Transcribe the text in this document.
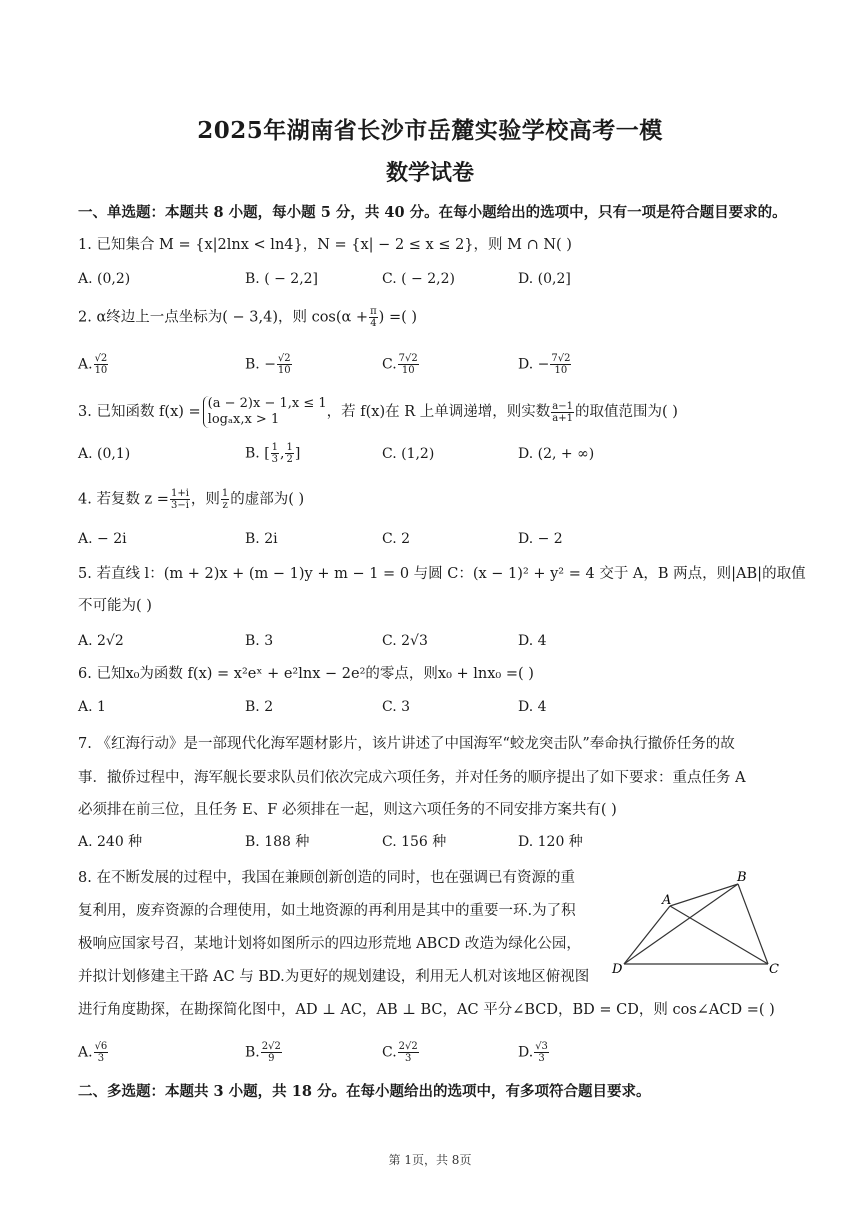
2025年湖南省长沙市岳麓实验学校高考一模
数学试卷
一、单选题：本题共 8 小题，每小题 5 分，共 40 分。在每小题给出的选项中，只有一项是符合题目要求的。
1. 已知集合 M = {x|2lnx < ln4}，N = {x| − 2 ≤ x ≤ 2}，则 M ∩ N( )
A. (0,2)	B. ( − 2,2]	C. ( − 2,2)	D. (0,2]
2. α终边上一点坐标为( − 3,4)，则 $\cos(\alpha + \frac{\pi}{4}$ ) =( )
A. $\frac{√2}{10}$	B. − $\frac{√2}{10}$	C. $\frac{7√2}{10}$	D. − $\frac{7√2}{10}$
3. 已知函数 f(x) =
(a − 2)x − 1,x ≤ 1
logₐx,x > 1	，若 f(x)在 R 上单调递增，则实数 $\frac{a-1}{a+1}$ 的取值范围为( )
A. (0,1)	B. [ $\frac{1}{3}$ , $\frac{1}{2}$ ]	C. (1,2)	D. (2, + ∞)
4. 若复数 $z = \frac{1+i}{3-i}$ ，则 $\frac{1}{z}$ 的虚部为( )
A. − 2i	B. 2i	C. 2	D. − 2
5. 若直线 l：(m + 2)x + (m − 1)y + m − 1 = 0 与圆 C：(x − 1)² + y² = 4 交于 A，B 两点，则|AB|的取值
不可能为( )
A. 2√2	B. 3	C. 2√3	D. 4
6. 已知x₀为函数 f(x) = x²eˣ + e²lnx − 2e²的零点，则x₀ + lnx₀ =( )
A. 1	B. 2	C. 3	D. 4
7. 《红海行动》是一部现代化海军题材影片，该片讲述了中国海军“蛟龙突击队”奉命执行撤侨任务的故
事．撤侨过程中，海军舰长要求队员们依次完成六项任务，并对任务的顺序提出了如下要求：重点任务 A
必须排在前三位，且任务 E、F 必须排在一起，则这六项任务的不同安排方案共有( )
A. 240 种	B. 188 种	C. 156 种	D. 120 种
8. 在不断发展的过程中，我国在兼顾创新创造的同时，也在强调已有资源的重
复利用，废弃资源的合理使用，如土地资源的再利用是其中的重要一环.为了积
极响应国家号召，某地计划将如图所示的四边形荒地 ABCD 改造为绿化公园，
并拟计划修建主干路 AC 与 BD.为更好的规划建设，利用无人机对该地区俯视图
进行角度勘探，在勘探简化图中，AD ⊥ AC，AB ⊥ BC，AC 平分∠BCD，BD = CD，则 cos∠ACD =( )
A
B
C
D
A. $\frac{√6}{3}$	B. $\frac{2√2}{9}$	C. $\frac{2√2}{3}$	D. $\frac{√3}{3}$
二、多选题：本题共 3 小题，共 18 分。在每小题给出的选项中，有多项符合题目要求。
第 1页，共 8页
